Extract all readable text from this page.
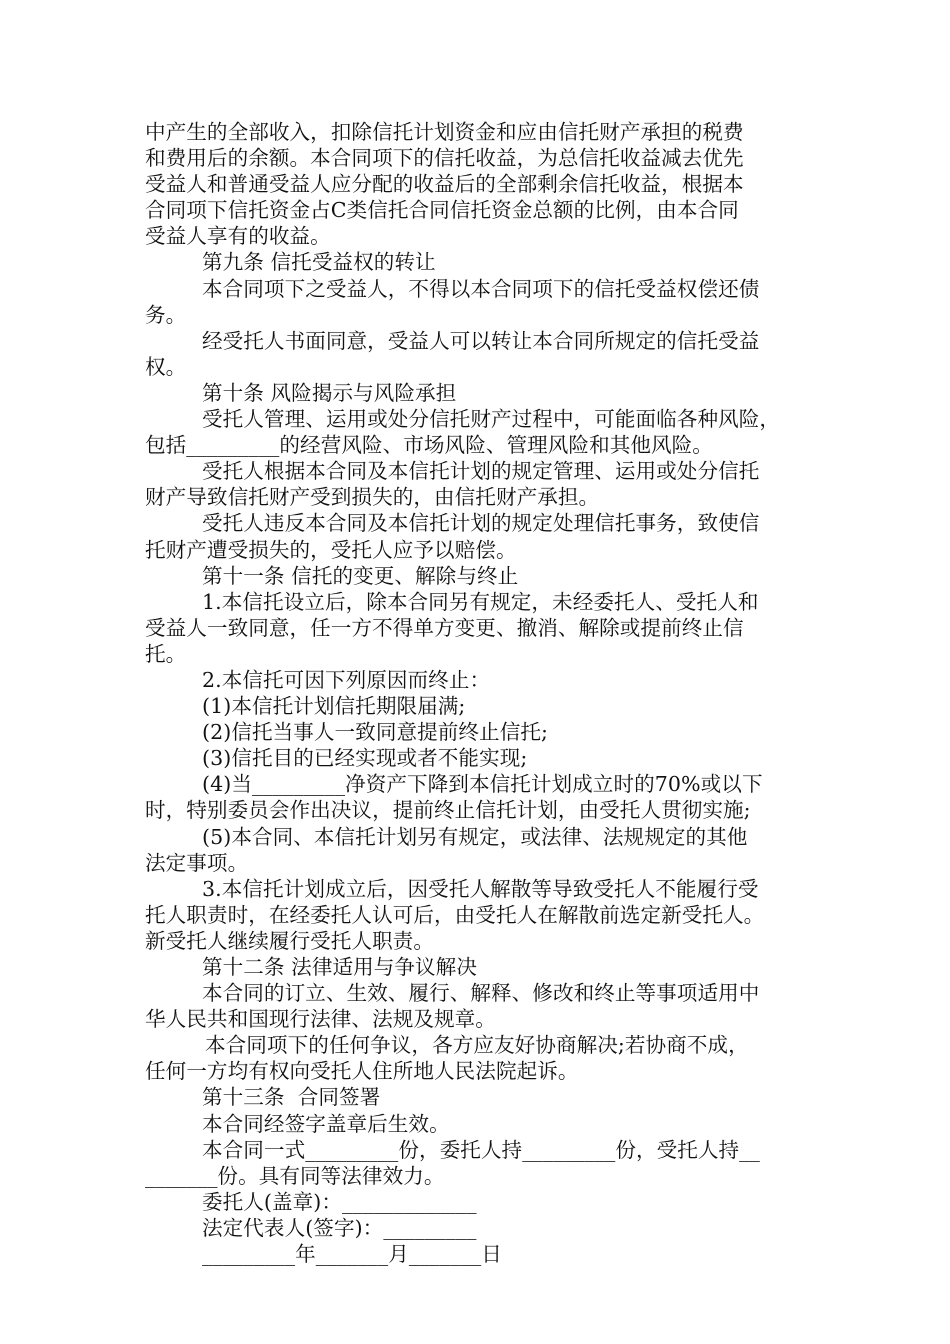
中产生的全部收入，扣除信托计划资金和应由信托财产承担的税费
和费用后的余额。本合同项下的信托收益，为总信托收益减去优先
受益人和普通受益人应分配的收益后的全部剩余信托收益，根据本
合同项下信托资金占C类信托合同信托资金总额的比例，由本合同
受益人享有的收益。
第九条 信托受益权的转让
本合同项下之受益人，不得以本合同项下的信托受益权偿还债
务。
经受托人书面同意，受益人可以转让本合同所规定的信托受益
权。
第十条 风险揭示与风险承担
受托人管理、运用或处分信托财产过程中，可能面临各种风险，
包括_________的经营风险、市场风险、管理风险和其他风险。
受托人根据本合同及本信托计划的规定管理、运用或处分信托
财产导致信托财产受到损失的，由信托财产承担。
受托人违反本合同及本信托计划的规定处理信托事务，致使信
托财产遭受损失的，受托人应予以赔偿。
第十一条 信托的变更、解除与终止
1.本信托设立后，除本合同另有规定，未经委托人、受托人和
受益人一致同意，任一方不得单方变更、撤消、解除或提前终止信
托。
2.本信托可因下列原因而终止：
(1)本信托计划信托期限届满;
(2)信托当事人一致同意提前终止信托;
(3)信托目的已经实现或者不能实现;
(4)当_________净资产下降到本信托计划成立时的70%或以下
时，特别委员会作出决议，提前终止信托计划，由受托人贯彻实施;
(5)本合同、本信托计划另有规定，或法律、法规规定的其他
法定事项。
3.本信托计划成立后，因受托人解散等导致受托人不能履行受
托人职责时，在经委托人认可后，由受托人在解散前选定新受托人。
新受托人继续履行受托人职责。
第十二条 法律适用与争议解决
本合同的订立、生效、履行、解释、修改和终止等事项适用中
华人民共和国现行法律、法规及规章。
本合同项下的任何争议，各方应友好协商解决;若协商不成，
任何一方均有权向受托人住所地人民法院起诉。
第十三条  合同签署
本合同经签字盖章后生效。
本合同一式_________份，委托人持_________份，受托人持__
_______份。具有同等法律效力。
委托人(盖章)：_____________
法定代表人(签字)：_________
_________年_______月_______日
